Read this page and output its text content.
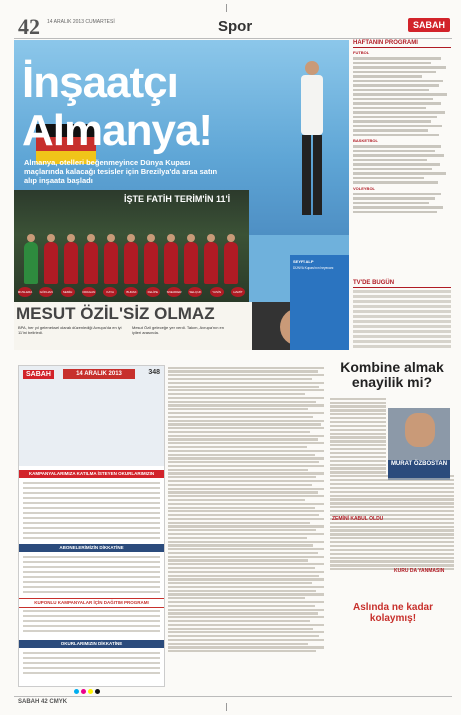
42 14 ARALIK 2013 CUMARTESİ	Spor	SABAH
İnşaatçı
Almanya!
Almanya, otelleri beğenmeyince Dünya Kupası maçlarında kalacağı tesisler için Brezilya'da arsa satın alıp inşaata başladı
İŞTE FATİH TERİM'İN 11'İ
MUSLERA	GÖKHAN	SEMİH	DRAGAN	KAYA	BURAK	FELİPE	SNEIJDER	SELÇUK	YASİN	HAMİT
MESUT ÖZİL'SİZ OLMAZ
BPA, her yıl geleneksel olarak düzenlediği Avrupa'da en iyi 11'ini belirledi.
Mesut Özil geleceğe yer verdi. Takım, Avrupa'nın en iyileri arasında.
SEYFİ ALP
DÜNYA Kupası'nın heyecanı
HAFTANIN PROGRAMI
FUTBOL
BASKETBOL
VOLEYBOL
TV'DE BUGÜN
SABAH	14 ARALIK 2013	348
KAMPANYALARIMIZA KATILMA İSTEYEN OKURLARIMIZIN
ABONELERİMİZİN DİKKATİNE
KUPONLU KAMPANYALAR İÇİN DAĞITIM PROGRAMI
OKURLARIMIZIN DİKKATİNE
Kombine almak enayilik mi?
MURAT ÖZBOSTAN
ZEMİNİ KABUL OLDU
KURU DA YANMASIN
Aslında ne kadar kolaymış!
SABAH 42 CMYK
